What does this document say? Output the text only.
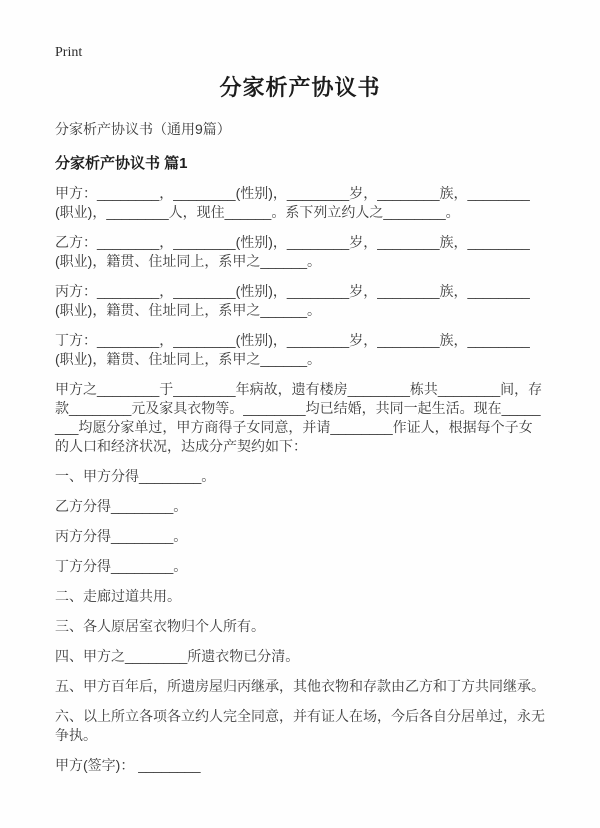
Print
分家析产协议书
分家析产协议书（通用9篇）
分家析产协议书 篇1

甲方：________，________(性别)，________岁，________族，________(职业)，________人，现住______。系下列立约人之________。

乙方：________，________(性别)，________岁，________族，________(职业)，籍贯、住址同上，系甲之______。

丙方：________，________(性别)，________岁，________族，________(职业)，籍贯、住址同上，系甲之______。

丁方：________，________(性别)，________岁，________族，________(职业)，籍贯、住址同上，系甲之______。

甲方之________于________年病故，遗有楼房________栋共________间，存款________元及家具衣物等。________均已结婚，共同一起生活。现在________均愿分家单过，甲方商得子女同意，并请________作证人，根据每个子女的人口和经济状况，达成分产契约如下：

一、甲方分得________。

乙方分得________。

丙方分得________。

丁方分得________。

二、走廊过道共用。

三、各人原居室衣物归个人所有。

四、甲方之________所遗衣物已分清。

五、甲方百年后，所遗房屋归丙继承，其他衣物和存款由乙方和丁方共同继承。

六、以上所立各项各立约人完全同意，并有证人在场，今后各自分居单过，永无争执。

甲方(签字)： ________
